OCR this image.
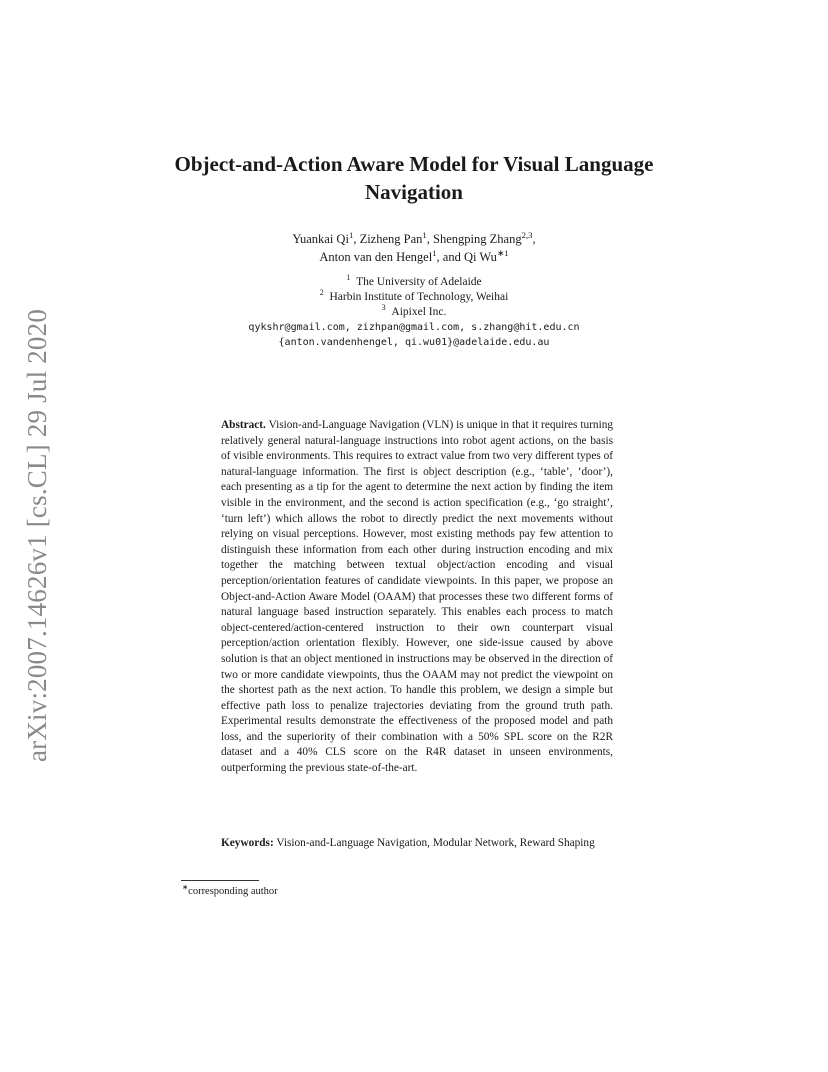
arXiv:2007.14626v1 [cs.CL] 29 Jul 2020
Object-and-Action Aware Model for Visual Language Navigation
Yuankai Qi$^1$, Zizheng Pan$^1$, Shengping Zhang$^{2,3}$,
Anton van den Hengel$^1$, and Qi $Wu^{∗1}$
$^1$ The University of Adelaide
$^2$ Harbin Institute of Technology, Weihai
$^3$ Aipixel Inc.
qykshr@gmail.com, zizhpan@gmail.com, s.zhang@hit.edu.cn
{anton.vandenhengel, qi.wu01}@adelaide.edu.au
Abstract. Vision-and-Language Navigation (VLN) is unique in that it requires turning relatively general natural-language instructions into robot agent actions, on the basis of visible environments. This requires to extract value from two very different types of natural-language information. The first is object description (e.g., ‘table’, ‘door’), each presenting as a tip for the agent to determine the next action by finding the item visible in the environment, and the second is action specification (e.g., ‘go straight’, ‘turn left’) which allows the robot to directly predict the next movements without relying on visual perceptions. However, most existing methods pay few attention to distinguish these information from each other during instruction encoding and mix together the matching between textual object/action encoding and visual perception/orientation features of candidate viewpoints. In this paper, we propose an Object-and-Action Aware Model (OAAM) that processes these two different forms of natural language based instruction separately. This enables each process to match object-centered/action-centered instruction to their own counterpart visual perception/action orientation flexibly. However, one side-issue caused by above solution is that an object mentioned in instructions may be observed in the direction of two or more candidate viewpoints, thus the OAAM may not predict the viewpoint on the shortest path as the next action. To handle this problem, we design a simple but effective path loss to penalize trajectories deviating from the ground truth path. Experimental results demonstrate the effectiveness of the proposed model and path loss, and the superiority of their combination with a 50% SPL score on the R2R dataset and a 40% CLS score on the R4R dataset in unseen environments, outperforming the previous state-of-the-art.
Keywords: Vision-and-Language Navigation, Modular Network, Reward Shaping
∗corresponding author
